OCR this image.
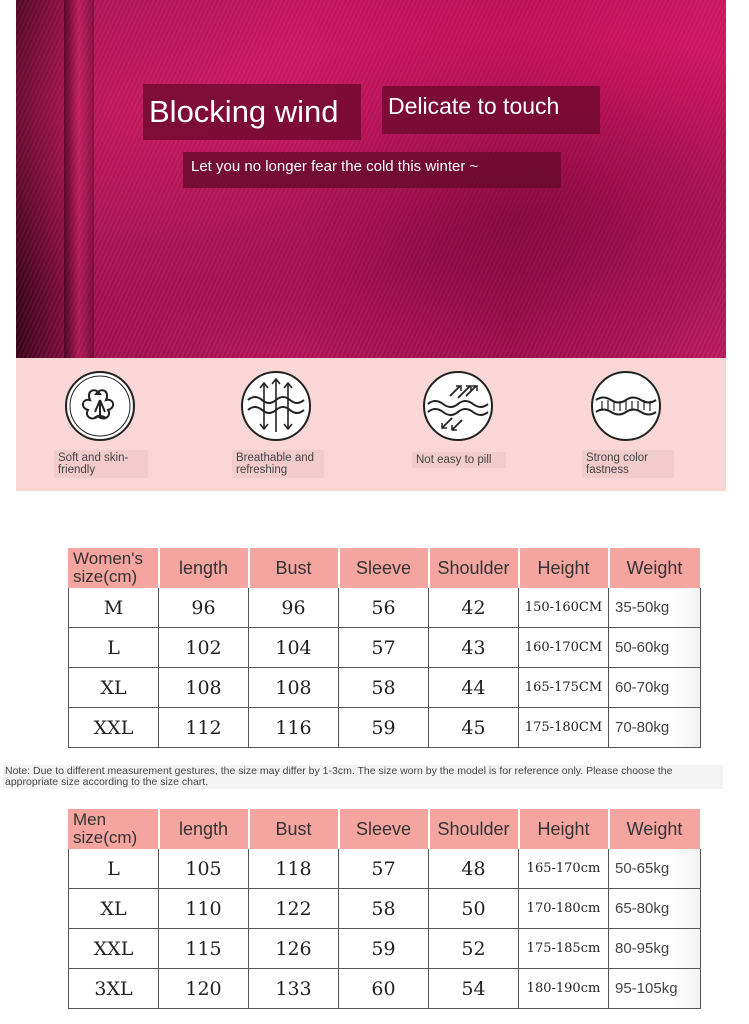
Blocking wind	Delicate to touch
Let you no longer fear the cold this winter ~
Soft and skin-friendly
Breathable and refreshing
Not easy to pill	Strong color fastness
Women's size(cm)	length	Bust	Sleeve	Shoulder	Height	Weight
M	96	96	56	42	150-160CM	35-50kg
L	102	104	57	43	160-170CM	50-60kg
XL	108	108	58	44	165-175CM	60-70kg
XXL	112	116	59	45	175-180CM	70-80kg
Note: Due to different measurement gestures, the size may differ by 1-3cm. The size worn by the model is for reference only. Please choose the appropriate size according to the size chart.
Men size(cm)	length	Bust	Sleeve	Shoulder	Height	Weight
L	105	118	57	48	165-170cm	50-65kg
XL	110	122	58	50	170-180cm	65-80kg
XXL	115	126	59	52	175-185cm	80-95kg
3XL	120	133	60	54	180-190cm	95-105kg
